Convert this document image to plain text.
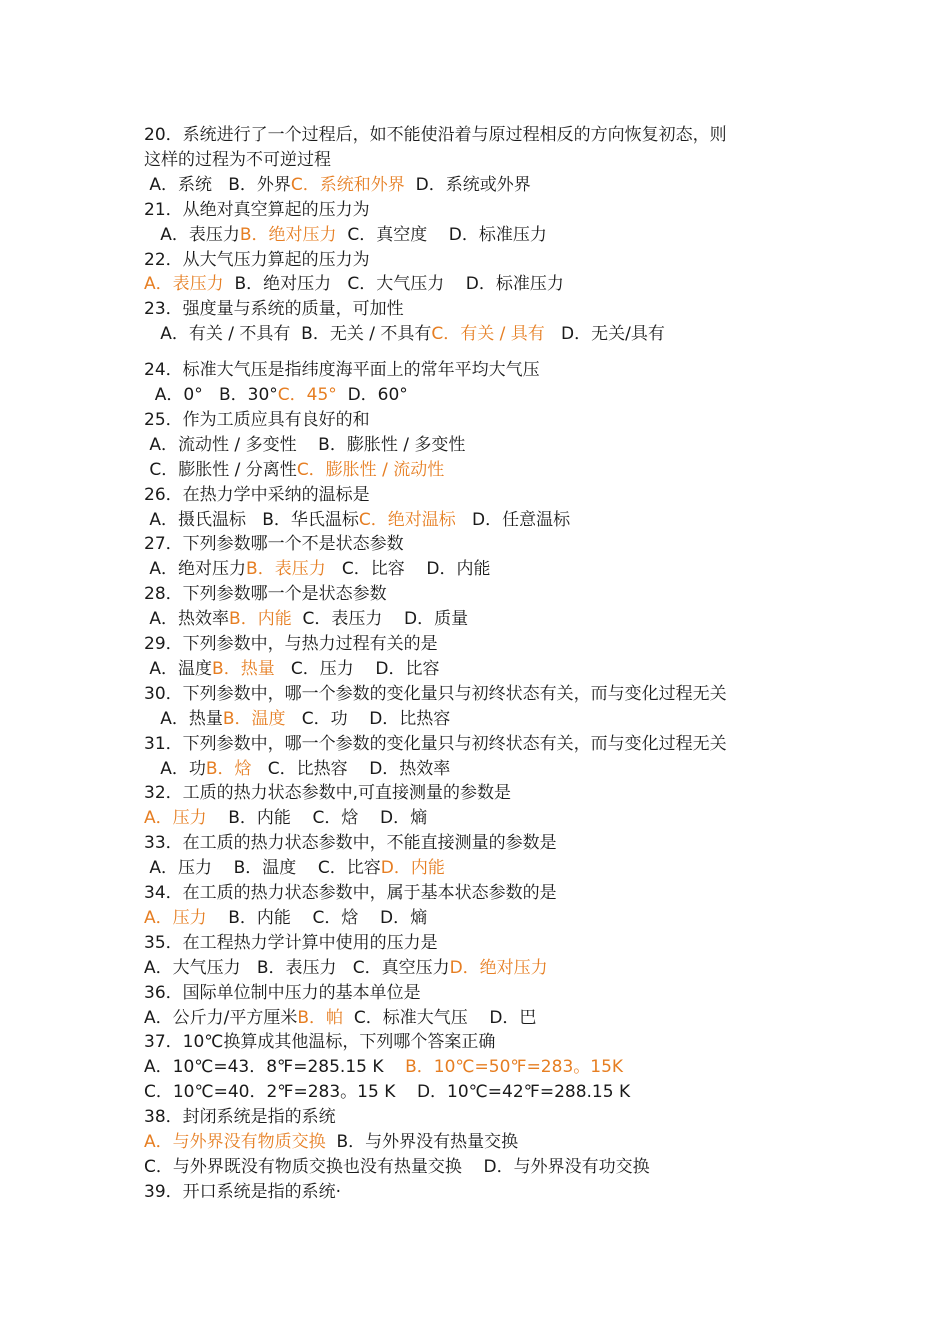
20．系统进行了一个过程后，如不能使沿着与原过程相反的方向恢复初态，则
这样的过程为不可逆过程
A．系统   B．外界C．系统和外界  D．系统或外界
21．从绝对真空算起的压力为
A．表压力B．绝对压力  C．真空度    D．标准压力
22．从大气压力算起的压力为
A．表压力  B．绝对压力   C．大气压力    D．标准压力
23．强度量与系统的质量，可加性
A．有关 / 不具有  B．无关 / 不具有C．有关 / 具有   D．无关/具有
24．标准大气压是指纬度海平面上的常年平均大气压
A．0°   B．30°C．45°  D．60°
25．作为工质应具有良好的和
A．流动性 / 多变性    B．膨胀性 / 多变性
C．膨胀性 / 分离性C．膨胀性 / 流动性
26．在热力学中采纳的温标是
A．摄氏温标   B．华氏温标C．绝对温标   D．任意温标
27．下列参数哪一个不是状态参数
A．绝对压力B．表压力   C．比容    D．内能
28．下列参数哪一个是状态参数
A．热效率B．内能  C．表压力    D．质量
29．下列参数中，与热力过程有关的是
A．温度B．热量   C．压力    D．比容
30．下列参数中，哪一个参数的变化量只与初终状态有关，而与变化过程无关
A．热量B．温度   C．功    D．比热容
31．下列参数中，哪一个参数的变化量只与初终状态有关，而与变化过程无关
A．功B．焓   C．比热容    D．热效率
32．工质的热力状态参数中,可直接测量的参数是
A．压力    B．内能    C．焓    D．熵
33．在工质的热力状态参数中，不能直接测量的参数是
A．压力    B．温度    C．比容D．内能
34．在工质的热力状态参数中，属于基本状态参数的是
A．压力    B．内能    C．焓    D．熵
35．在工程热力学计算中使用的压力是
A．大气压力   B．表压力   C．真空压力D．绝对压力
36．国际单位制中压力的基本单位是
A．公斤力/平方厘米B．帕  C．标准大气压    D．巴
37．10℃换算成其他温标，下列哪个答案正确
A．10℃=43．8℉=285.15 K    B．10℃=50℉=283。15K
C．10℃=40．2℉=283。15 K    D．10℃=42℉=288.15 K
38．封闭系统是指的系统
A．与外界没有物质交换  B．与外界没有热量交换
C．与外界既没有物质交换也没有热量交换    D．与外界没有功交换
39．开口系统是指的系统·
